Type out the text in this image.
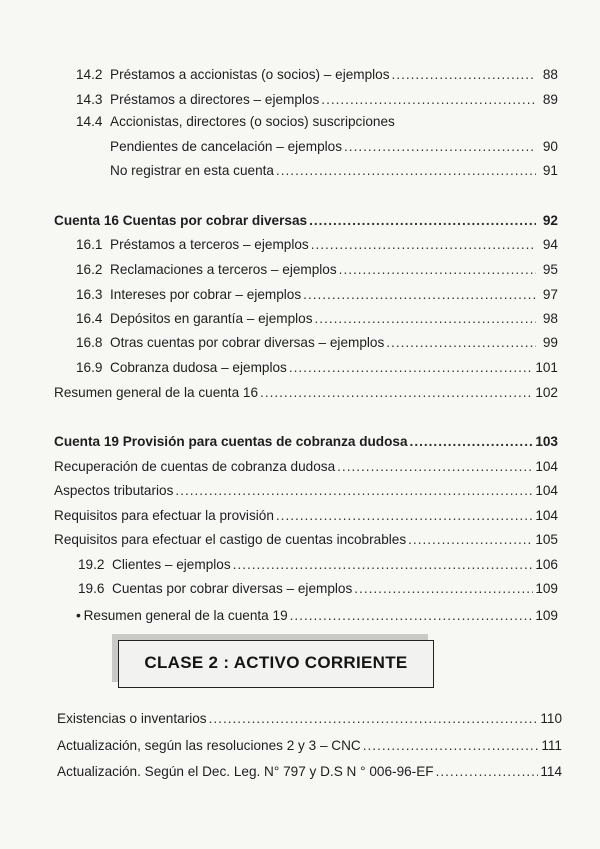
14.2 Préstamos a accionistas (o socios) – ejemplos .....	88
14.3 Préstamos a directores – ejemplos .....	89
14.4 Accionistas, directores (o socios) suscripciones
Pendientes de cancelación – ejemplos .....	90
No registrar en esta cuenta .....	91
Cuenta 16 Cuentas por cobrar diversas .....	92
16.1 Préstamos a terceros – ejemplos .....	94
16.2 Reclamaciones a terceros – ejemplos .....	95
16.3 Intereses por cobrar – ejemplos .....	97
16.4 Depósitos en garantía – ejemplos .....	98
16.8 Otras cuentas por cobrar diversas – ejemplos .....	99
16.9 Cobranza dudosa – ejemplos .....	101
Resumen general de la cuenta 16 .....	102
Cuenta 19 Provisión para cuentas de cobranza dudosa .....	103
Recuperación de cuentas de cobranza dudosa .....	104
Aspectos tributarios .....	104
Requisitos para efectuar la provisión .....	104
Requisitos para efectuar el castigo de cuentas incobrables .....	105
19.2 Clientes – ejemplos .....	106
19.6 Cuentas por cobrar diversas – ejemplos .....	109
• Resumen general de la cuenta 19 .....	109
CLASE 2 : ACTIVO CORRIENTE
Existencias o inventarios .....	110
Actualización, según las resoluciones 2 y 3 – CNC .....	111
Actualización. Según el Dec. Leg. N° 797 y D.S N ° 006-96-EF .....	114
